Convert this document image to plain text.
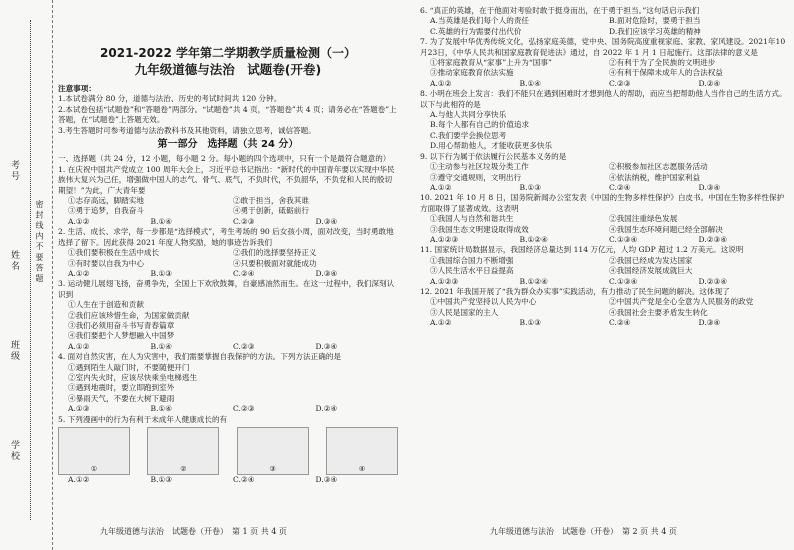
考号
姓名
班级
学校
密 封 线 内 不 要 答 题
2021-2022 学年第二学期教学质量检测（一）
九年级道德与法治　试题卷(开卷)
注意事项：
1.本试卷满分 80 分，道德与法治、历史的考试时间共 120 分钟。
2.本试卷包括“试题卷”和“答题卷”两部分。“试题卷”共 4 页，“答题卷”共 4 页；请务必在“答题卷”上答题，在“试题卷”上答题无效。
3.考生答题时可参考道德与法治教科书及其他资料，请独立思考，诚信答题。
第一部分　选择题（共 24 分）
一、选择题（共 24 分，12 小题，每小题 2 分。每小题的四个选项中，只有一个是最符合题意的）
1. 在庆祝中国共产党成立 100 周年大会上，习近平总书记指出：“新时代的中国青年要以实现中华民族伟大复兴为己任，增强做中国人的志气、骨气、底气，不负时代，不负韶华，不负党和人民的殷切期望！”为此，广大青年要
①志存高远，脚踏实地	②敢于担当，舍我其谁
③勇于追梦，自我奋斗	④勇于创新，砥砺前行
A.①②	B.①④	C.②③	D.③④
2. 生活、成长、求学，每一步都是“选择模式”，考生考场的 90 后女孩小周，面对改变，当时勇敢地选择了留下。因此获得 2021 年度人物奖励，她的事迹告诉我们
①我们要积极在生活中成长	②我们的选择要坚持正义
③有时要以自我为中心	④只要积极面对就能成功
A.①②	B.①③	C.②④	D.③④
3. 运动健儿展翅飞扬，奋勇争先，全国上下欢欣鼓舞，自豪感油然而生。在这一过程中，我们深刻认识到
①人生在于创造和贡献
②我们应该珍惜生命，为国家做贡献
③我们必须用奋斗书写青春篇章
④我们要把个人梦想融入中国梦
A.①②	B.①④	C.②③	D.③④
4. 面对自然灾害，在人为灾害中，我们需要掌握自我保护的方法。下列方法正确的是
①遇到陌生人敲门时，不要随便开门
②室内失火时，应该尽快乘坐电梯逃生
③遇到地震时，要立即跑到室外
④暴雨天气，不要在大树下避雨
A.①③	B.①④	C.②③	D.②④
5. 下列漫画中的行为有利于未成年人健康成长的有
①	②	③	④
A.①②	B.①③	C.②④	D.③④
6. “真正的英雄，在于他面对考验时敢于挺身而出，在于勇于担当。”这句话启示我们
A.当英雄是我们每个人的责任	B.面对危险时，要勇于担当
C.英雄的行为需要付出代价	D.我们应该学习英雄的精神
7. 为了发展中华优秀传统文化，弘扬家庭美德，党中央、国务院高度重视家庭、家教、家风建设。2021年10月23日，《中华人民共和国家庭教育促进法》通过，自 2022 年 1 月 1 日起施行。这部法律的意义是
①将家庭教育从“家事”上升为“国事”	②有利于为了全民族的文明进步
③推动家庭教育依法实施	④有利于保障未成年人的合法权益
A.①②	B.①④	C.②③	D.②④
8. 小明在班会上发言：我们不能只在遇到困难时才想到他人的帮助，而应当把帮助他人当作自己的生活方式。以下与此相符的是
A.与他人共同分享快乐
B.每个人都有自己的价值追求
C.我们要学会换位思考
D.用心帮助他人，才能收获更多快乐
9. 以下行为属于依法履行公民基本义务的是
①主动参与社区垃圾分类工作	②积极参加社区志愿服务活动
③遵守交通规则，文明出行	④依法纳税，维护国家利益
A.①②	B.①③	C.②④	D.③④
10. 2021 年 10 月 8 日，国务院新闻办公室发表《中国的生物多样性保护》白皮书。中国在生物多样性保护方面取得了显著成效。这表明
①我国人与自然和谐共生	②我国注重绿色发展
③我国生态文明建设取得成效	④我国生态环境问题已经全部解决
A.①②③	B.①②④	C.①③④	D.②③④
11. 国家统计局数据显示，我国经济总量达到 114 万亿元，人均 GDP 超过 1.2 万美元。这说明
①我国综合国力不断增强	②我国已经成为发达国家
③人民生活水平日益提高	④我国经济发展成就巨大
A.①②③	B.①②④	C.①③④	D.②③④
12. 2021 年我国开展了“我为群众办实事”实践活动，有力推动了民生问题的解决。这体现了
①中国共产党坚持以人民为中心	②中国共产党是全心全意为人民服务的政党
③人民是国家的主人	④我国社会主要矛盾发生转化
A.①②	B.①③	C.②④	D.③④
九年级道德与法治　试题卷（开卷）　第 1 页 共 4 页	九年级道德与法治　试题卷（开卷）　第 2 页 共 4 页
